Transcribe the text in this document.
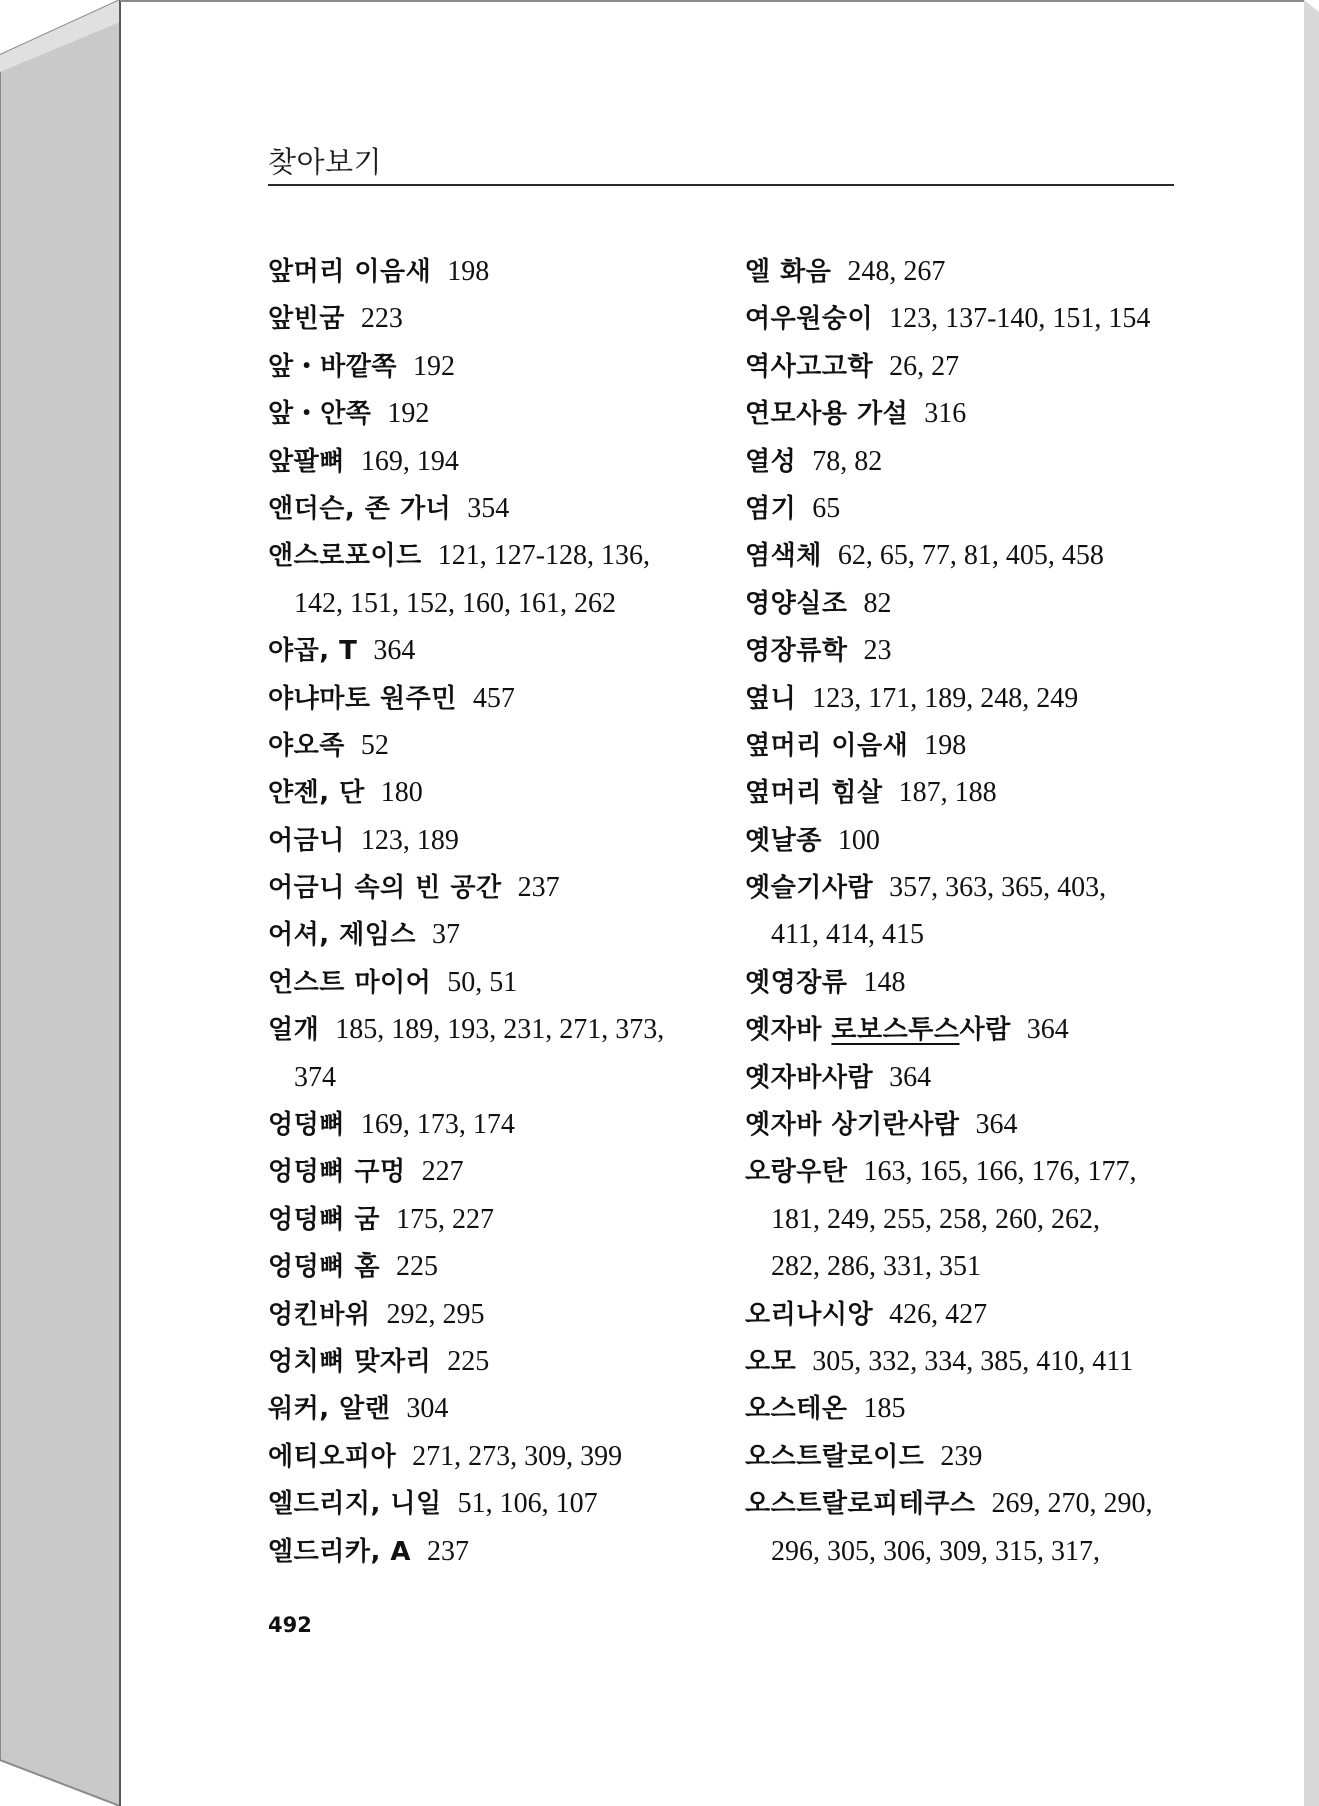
찾아보기
앞머리 이음새 198
앞빈굼 223
앞・바깥쪽 192
앞・안쪽 192
앞팔뼈 169, 194
앤더슨, 존 가너 354
앤스로포이드 121, 127-128, 136,
142, 151, 152, 160, 161, 262
야곱, T 364
야냐마토 원주민 457
야오족 52
얀젠, 단 180
어금니 123, 189
어금니 속의 빈 공간 237
어셔, 제임스 37
언스트 마이어 50, 51
얼개 185, 189, 193, 231, 271, 373,
374
엉덩뼈 169, 173, 174
엉덩뼈 구멍 227
엉덩뼈 굼 175, 227
엉덩뼈 홈 225
엉킨바위 292, 295
엉치뼈 맞자리 225
워커, 알랜 304
에티오피아 271, 273, 309, 399
엘드리지, 니일 51, 106, 107
엘드리카, A 237
엘 화음 248, 267
여우원숭이 123, 137-140, 151, 154
역사고고학 26, 27
연모사용 가설 316
열성 78, 82
염기 65
염색체 62, 65, 77, 81, 405, 458
영양실조 82
영장류학 23
옆니 123, 171, 189, 248, 249
옆머리 이음새 198
옆머리 힘살 187, 188
옛날종 100
옛슬기사람 357, 363, 365, 403,
411, 414, 415
옛영장류 148
옛자바 로보스투스사람 364
옛자바사람 364
옛자바 상기란사람 364
오랑우탄 163, 165, 166, 176, 177,
181, 249, 255, 258, 260, 262,
282, 286, 331, 351
오리나시앙 426, 427
오모 305, 332, 334, 385, 410, 411
오스테온 185
오스트랄로이드 239
오스트랄로피테쿠스 269, 270, 290,
296, 305, 306, 309, 315, 317,
492
